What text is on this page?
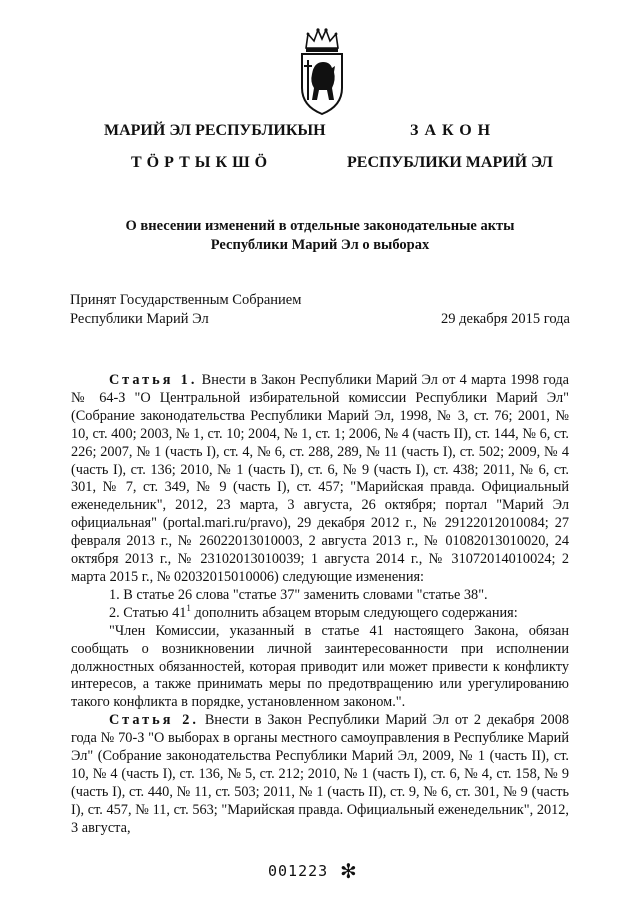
МАРИЙ ЭЛ РЕСПУБЛИКЫН
ТӦРТЫКШӦ
ЗАКОН
РЕСПУБЛИКИ МАРИЙ ЭЛ
О внесении изменений в отдельные законодательные акты
Республики Марий Эл о выборах
Принят Государственным Собранием
Республики Марий Эл	29 декабря 2015 года

Статья 1. Внести в Закон Республики Марий Эл от 4 марта 1998 года № 64-З "О Центральной избирательной комиссии Республики Марий Эл" (Собрание законодательства Республики Марий Эл, 1998, № 3, ст. 76; 2001, № 10, ст. 400; 2003, № 1, ст. 10; 2004, № 1, ст. 1; 2006, № 4 (часть II), ст. 144, № 6, ст. 226; 2007, № 1 (часть I), ст. 4, № 6, ст. 288, 289, № 11 (часть I), ст. 502; 2009, № 4 (часть I), ст. 136; 2010, № 1 (часть I), ст. 6, № 9 (часть I), ст. 438; 2011, № 6, ст. 301, № 7, ст. 349, № 9 (часть I), ст. 457; "Марийская правда. Официальный еженедельник", 2012, 23 марта, 3 августа, 26 октября; портал "Марий Эл официальная" (portal.mari.ru/pravo), 29 декабря 2012 г., № 29122012010084; 27 февраля 2013 г., № 26022013010003, 2 августа 2013 г., № 01082013010020, 24 октября 2013 г., № 23102013010039; 1 августа 2014 г., № 31072014010024; 2 марта 2015 г., № 02032015010006) следующие изменения:

1. В статье 26 слова "статье 37" заменить словами "статье 38".

2. Статью $41^1$ дополнить абзацем вторым следующего содержания:

"Член Комиссии, указанный в статье 41 настоящего Закона, обязан сообщать о возникновении личной заинтересованности при исполнении должностных обязанностей, которая приводит или может привести к конфликту интересов, а также принимать меры по предотвращению или урегулированию такого конфликта в порядке, установленном законом.".

Статья 2. Внести в Закон Республики Марий Эл от 2 декабря 2008 года № 70-З "О выборах в органы местного самоуправления в Республике Марий Эл" (Собрание законодательства Республики Марий Эл, 2009, № 1 (часть II), ст. 10, № 4 (часть I), ст. 136, № 5, ст. 212; 2010, № 1 (часть I), ст. 6, № 4, ст. 158, № 9 (часть I), ст. 440, № 11, ст. 503; 2011, № 1 (часть II), ст. 9, № 6, ст. 301, № 9 (часть I), ст. 457, № 11, ст. 563; "Марийская правда. Официальный еженедельник", 2012, 3 августа,

001223 ✻
